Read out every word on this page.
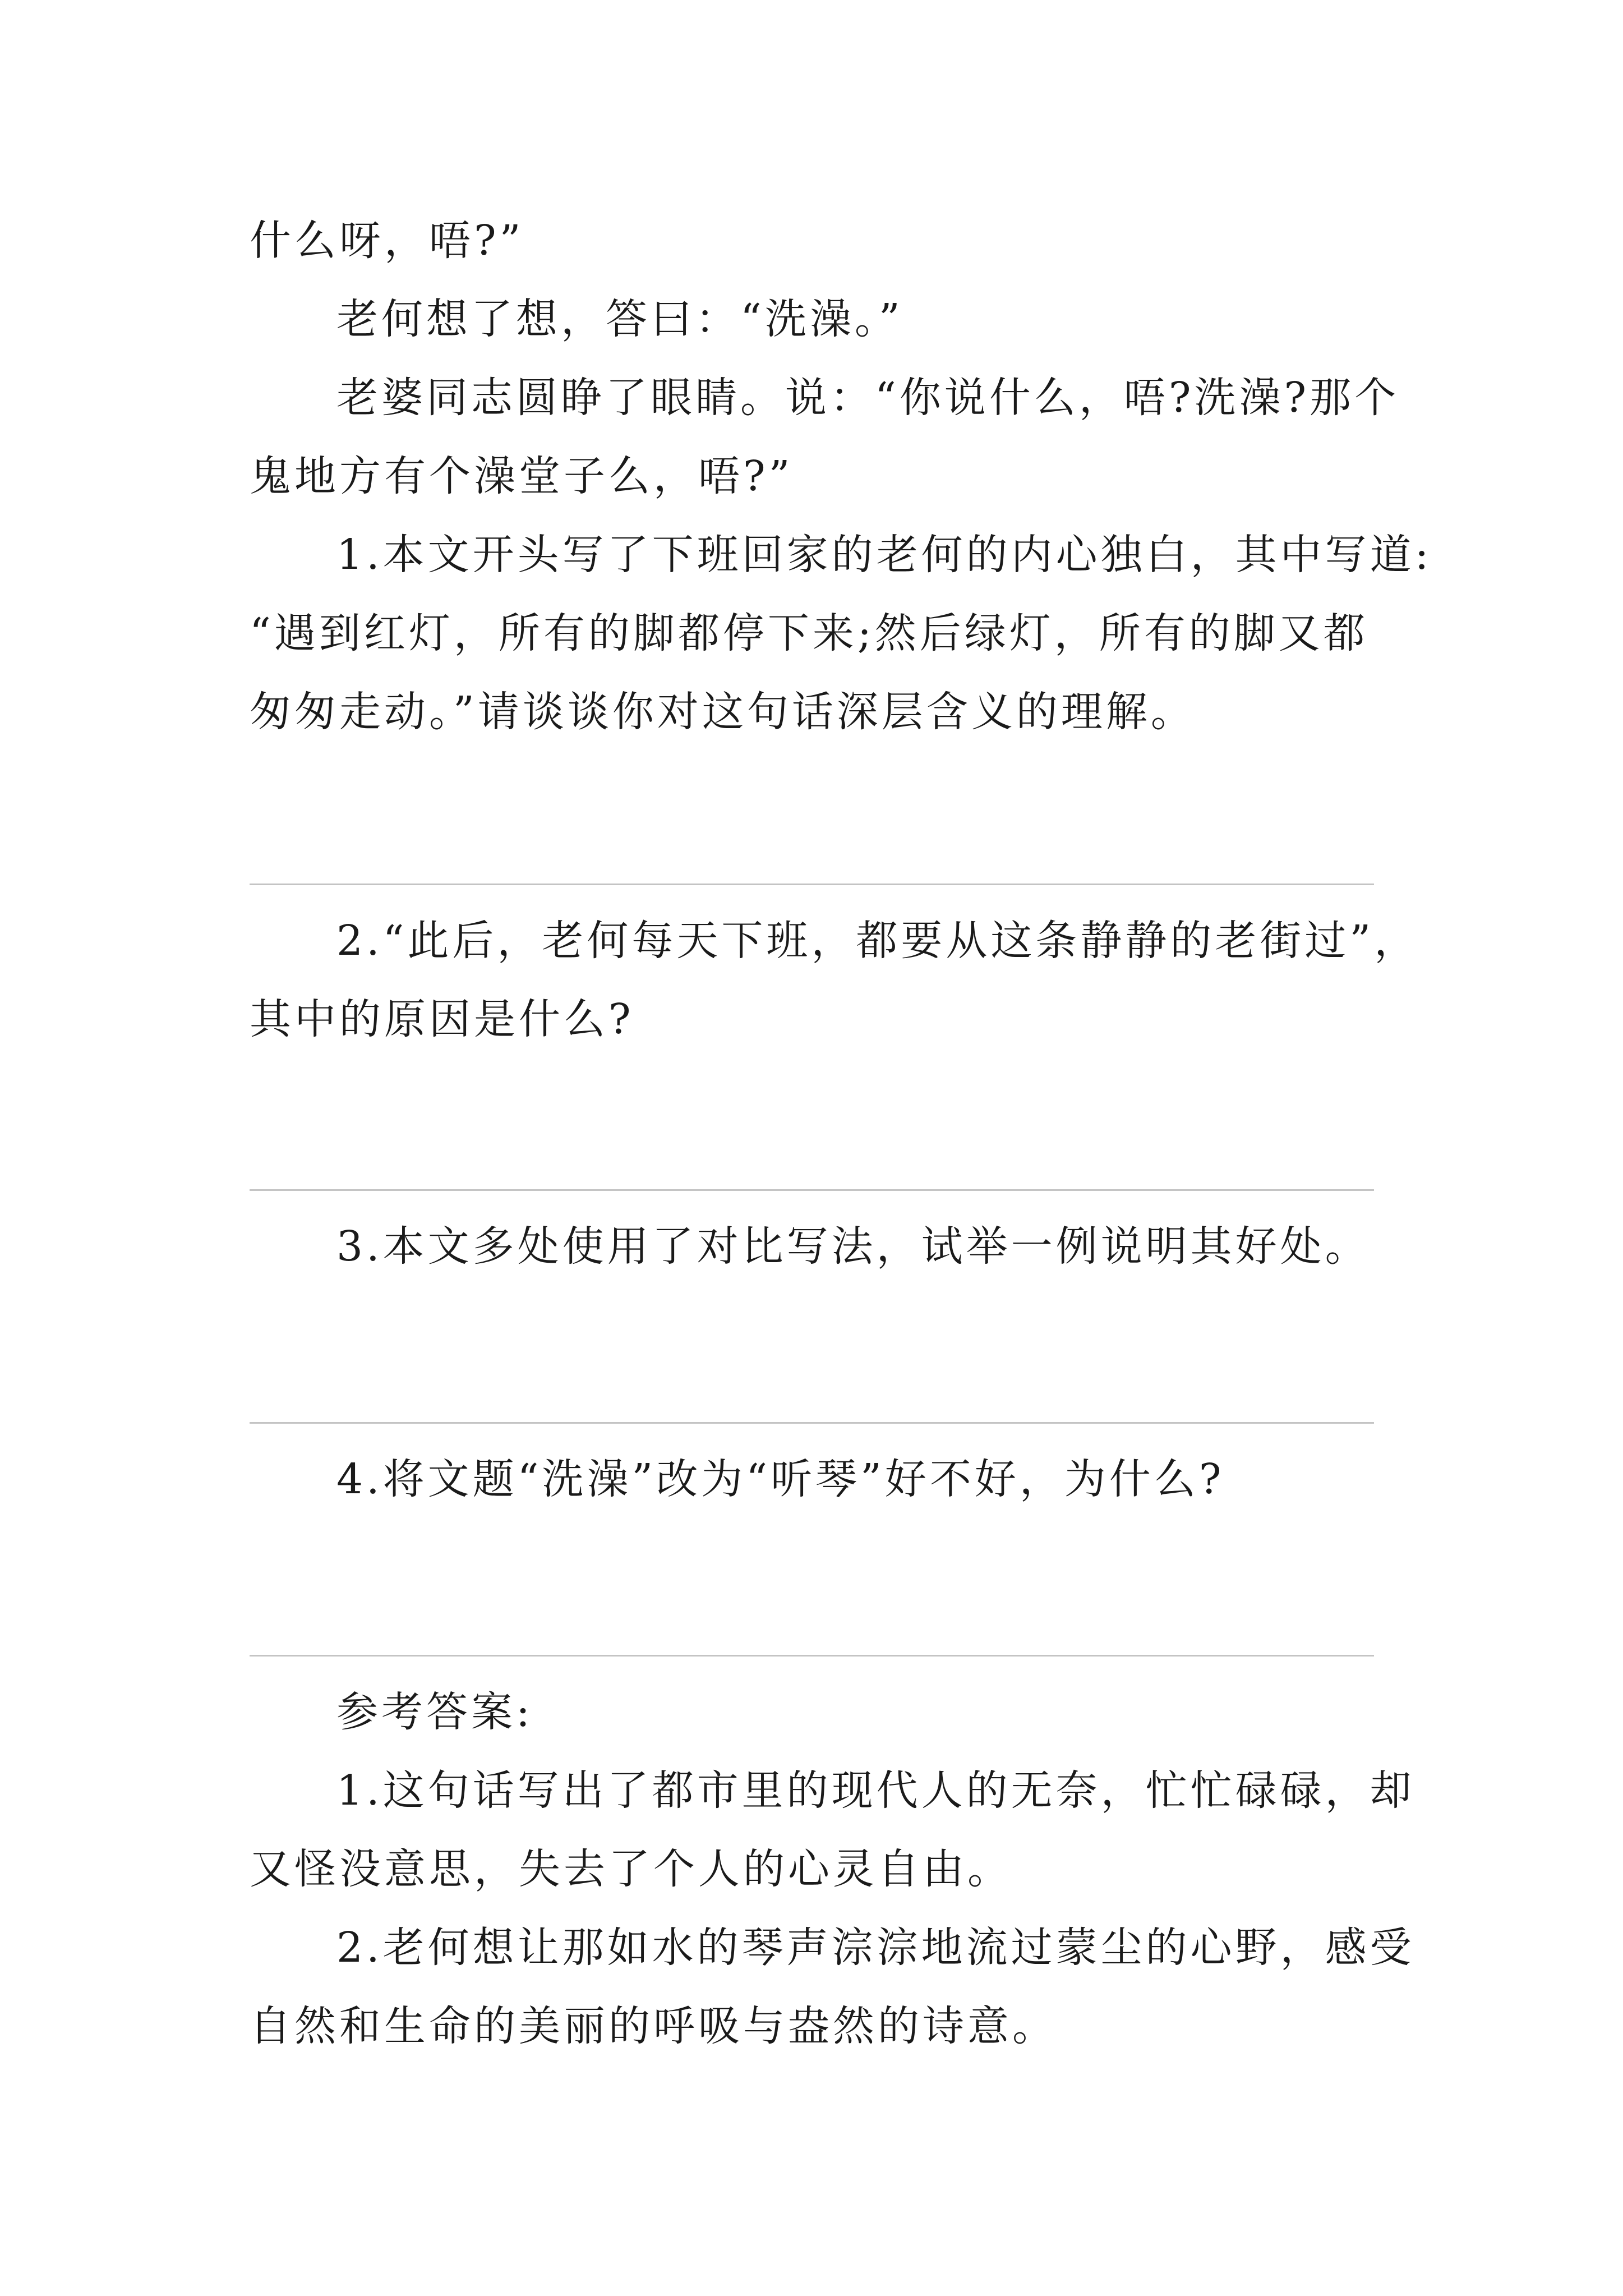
什么呀，唔?”
老何想了想，答曰：“洗澡。”
老婆同志圆睁了眼睛。说：“你说什么，唔?洗澡?那个
鬼地方有个澡堂子么，唔?”
1.本文开头写了下班回家的老何的内心独白，其中写道:
“遇到红灯，所有的脚都停下来;然后绿灯，所有的脚又都
匆匆走动。”请谈谈你对这句话深层含义的理解。
2.“此后，老何每天下班，都要从这条静静的老街过”，
其中的原因是什么?
3.本文多处使用了对比写法，试举一例说明其好处。
4.将文题“洗澡”改为“听琴”好不好，为什么?
参考答案:
1.这句话写出了都市里的现代人的无奈，忙忙碌碌，却
又怪没意思，失去了个人的心灵自由。
2.老何想让那如水的琴声淙淙地流过蒙尘的心野，感受
自然和生命的美丽的呼吸与盎然的诗意。
